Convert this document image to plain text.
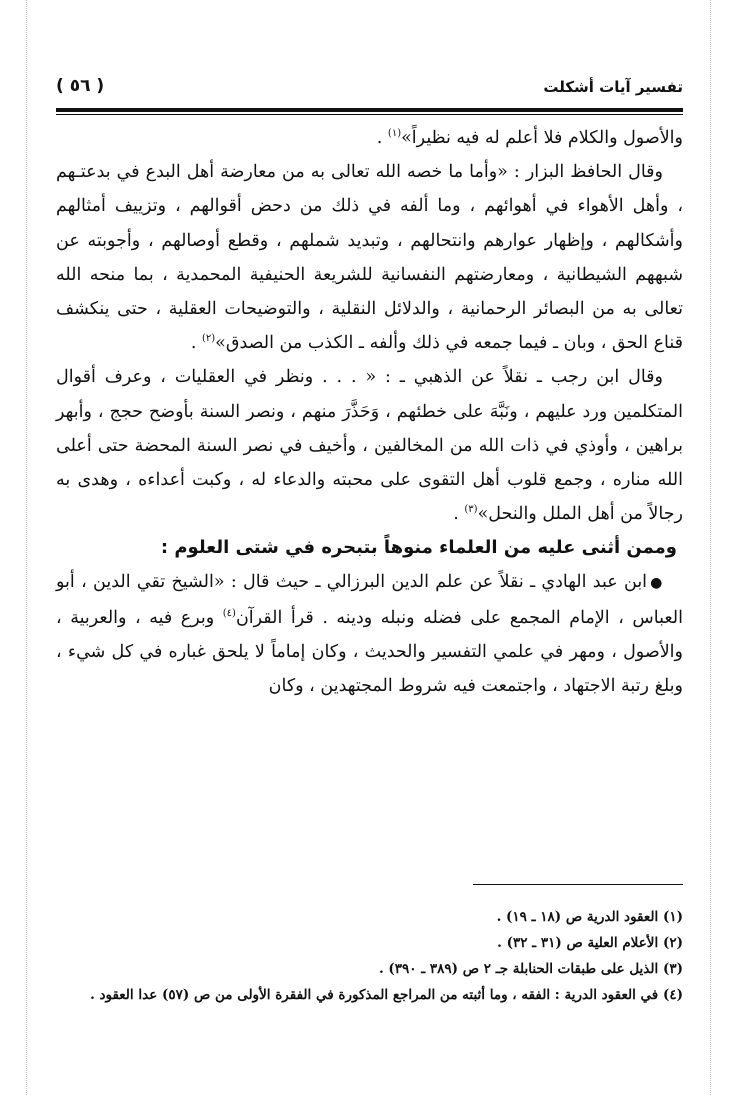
تفسير آيات أشكلت
( ٥٦ )

والأصول والكلام فلا أعلم له فيه نظيراً»$^{(١)}$ .

وقال الحافظ البزار : «وأما ما خصه الله تعالى به من معارضة أهل البدع في بدعتـهم ، وأهل الأهواء في أهوائهم ، وما ألفه في ذلك من دحض أقوالهم ، وتزييف أمثالهم وأشكالهم ، وإظهار عوارهم وانتحالهم ، وتبديد شملهم ، وقطع أوصالهم ، وأجوبته عن شبههم الشيطانية ، ومعارضتهم النفسانية للشريعة الحنيفية المحمدية ، بما منحه الله تعالى به من البصائر الرحمانية ، والدلائل النقلية ، والتوضيحات العقلية ، حتى ينكشف قناع الحق ، وبان ـ فيما جمعه في ذلك وألفه ـ الكذب من الصدق»$^{(٢)}$ .

وقال ابن رجب ـ نقلاً عن الذهبي ـ : « . . . ونظر في العقليات ، وعرف أقوال المتكلمين ورد عليهم ، ونَبَّهَ على خطئهم ، وَحَذَّرَ منهم ، ونصر السنة بأوضح حجج ، وأبهر براهين ، وأوذي في ذات الله من المخالفين ، وأخيف في نصر السنة المحضة حتى أعلى الله مناره ، وجمع قلوب أهل التقوى على محبته والدعاء له ، وكبت أعداءه ، وهدى به رجالاً من أهل الملل والنحل»$^{(٣)}$ .

وممن أثنى عليه من العلماء منوهاً بتبحره في شتى العلوم :

●ابن عبد الهادي ـ نقلاً عن علم الدين البرزالي ـ حيث قال : «الشيخ تقي الدين ، أبو العباس ، الإمام المجمع على فضله ونبله ودينه . قرأ القرآن$^{(٤)}$ وبرع فيه ، والعربية ، والأصول ، ومهر في علمي التفسير والحديث ، وكان إماماً لا يلحق غباره في كل شيء ، وبلغ رتبة الاجتهاد ، واجتمعت فيه شروط المجتهدين ، وكان

(١) العقود الدرية ص (١٨ ـ ١٩) .
(٢) الأعلام العلية ص (٣١ ـ ٣٢) .
(٣) الذيل على طبقات الحنابلة جـ ٢ ص (٣٨٩ ـ ٣٩٠) .
(٤) في العقود الدرية : الفقه ، وما أثبته من المراجع المذكورة في الفقرة الأولى من ص (٥٧) عدا العقود .
